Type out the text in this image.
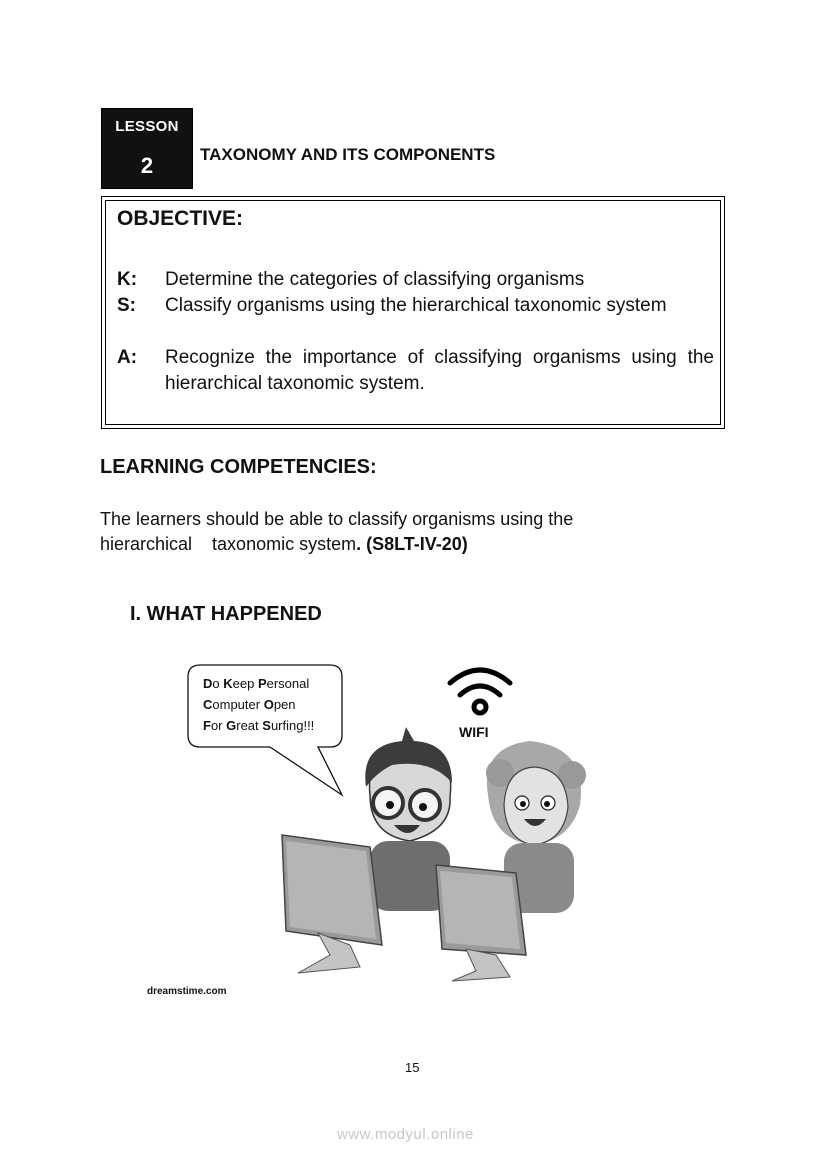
LESSON
2	TAXONOMY AND ITS COMPONENTS
OBJECTIVE:
K: Determine the categories of classifying organisms
S: Classify organisms using the hierarchical taxonomic system
A: Recognize the importance of classifying organisms using the hierarchical taxonomic system.
LEARNING COMPETENCIES:
The learners should be able to classify organisms using the hierarchical    taxonomic system. (S8LT-IV-20)
I. WHAT HAPPENED
Do Keep Personal
Computer Open
For Great Surfing!!!	WIFI
dreamstime.com
15
www.modyul.online
